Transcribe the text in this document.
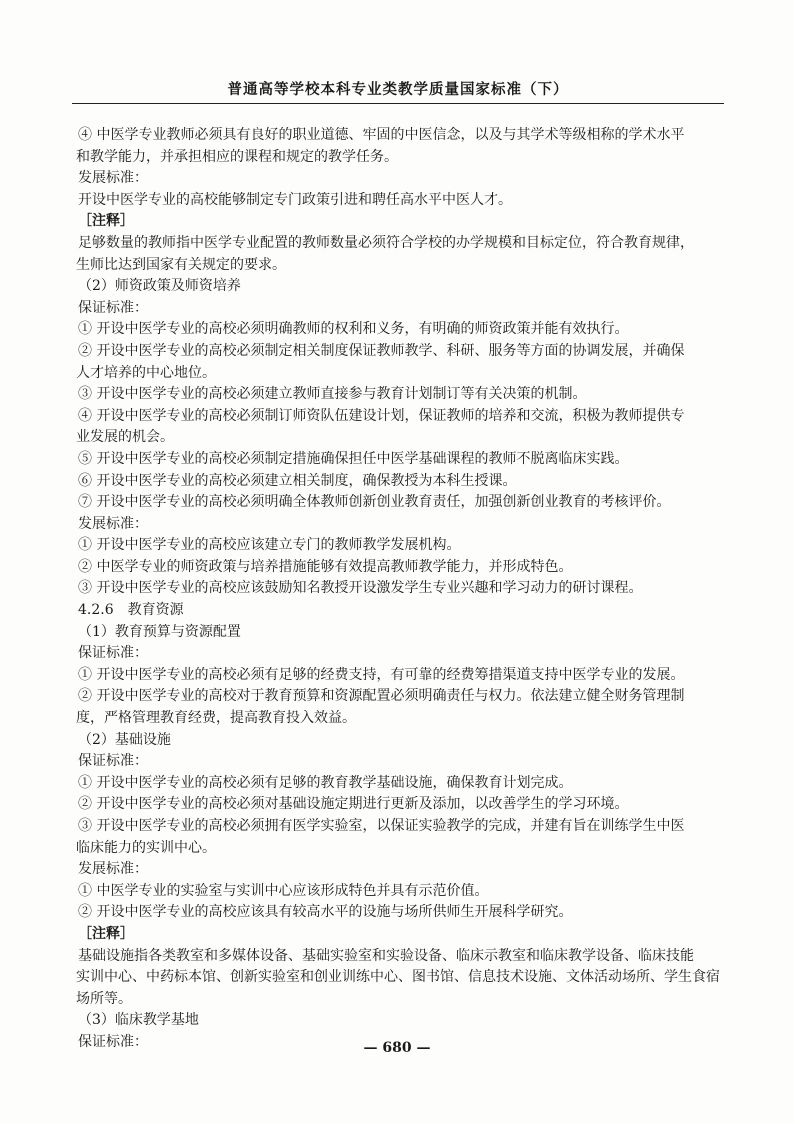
普通高等学校本科专业类教学质量国家标准（下）
④ 中医学专业教师必须具有良好的职业道德、牢固的中医信念，以及与其学术等级相称的学术水平
和教学能力，并承担相应的课程和规定的教学任务。
发展标准：
开设中医学专业的高校能够制定专门政策引进和聘任高水平中医人才。
［注释］
足够数量的教师指中医学专业配置的教师数量必须符合学校的办学规模和目标定位，符合教育规律，
生师比达到国家有关规定的要求。
（2）师资政策及师资培养
保证标准：
① 开设中医学专业的高校必须明确教师的权利和义务，有明确的师资政策并能有效执行。
② 开设中医学专业的高校必须制定相关制度保证教师教学、科研、服务等方面的协调发展，并确保
人才培养的中心地位。
③ 开设中医学专业的高校必须建立教师直接参与教育计划制订等有关决策的机制。
④ 开设中医学专业的高校必须制订师资队伍建设计划，保证教师的培养和交流，积极为教师提供专
业发展的机会。
⑤ 开设中医学专业的高校必须制定措施确保担任中医学基础课程的教师不脱离临床实践。
⑥ 开设中医学专业的高校必须建立相关制度，确保教授为本科生授课。
⑦ 开设中医学专业的高校必须明确全体教师创新创业教育责任，加强创新创业教育的考核评价。
发展标准：
① 开设中医学专业的高校应该建立专门的教师教学发展机构。
② 中医学专业的师资政策与培养措施能够有效提高教师教学能力，并形成特色。
③ 开设中医学专业的高校应该鼓励知名教授开设激发学生专业兴趣和学习动力的研讨课程。
4.2.6　教育资源
（1）教育预算与资源配置
保证标准：
① 开设中医学专业的高校必须有足够的经费支持，有可靠的经费筹措渠道支持中医学专业的发展。
② 开设中医学专业的高校对于教育预算和资源配置必须明确责任与权力。依法建立健全财务管理制
度，严格管理教育经费，提高教育投入效益。
（2）基础设施
保证标准：
① 开设中医学专业的高校必须有足够的教育教学基础设施，确保教育计划完成。
② 开设中医学专业的高校必须对基础设施定期进行更新及添加，以改善学生的学习环境。
③ 开设中医学专业的高校必须拥有医学实验室，以保证实验教学的完成，并建有旨在训练学生中医
临床能力的实训中心。
发展标准：
① 中医学专业的实验室与实训中心应该形成特色并具有示范价值。
② 开设中医学专业的高校应该具有较高水平的设施与场所供师生开展科学研究。
［注释］
基础设施指各类教室和多媒体设备、基础实验室和实验设备、临床示教室和临床教学设备、临床技能
实训中心、中药标本馆、创新实验室和创业训练中心、图书馆、信息技术设施、文体活动场所、学生食宿
场所等。
（3）临床教学基地
保证标准：	— 680 —
